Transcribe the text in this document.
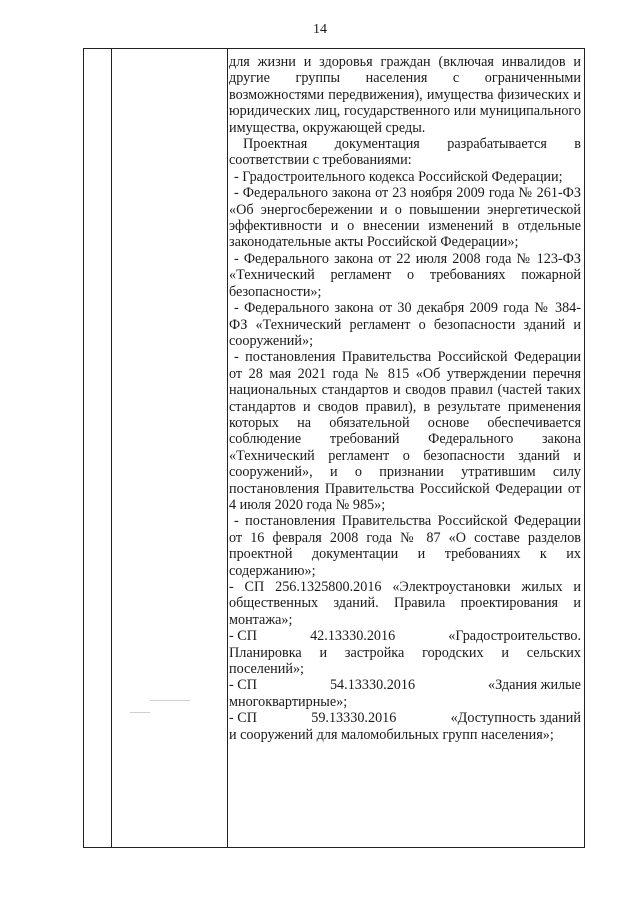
14

для жизни и здоровья граждан (включая инвалидов и другие группы населения с ограниченными возможностями передвижения), имущества физических и юридических лиц, государственного или муниципального имущества, окружающей среды.

Проектная документация разрабатывается в соответствии с требованиями:

- Градостроительного кодекса Российской Федерации;

- Федерального закона от 23 ноября 2009 года № 261-ФЗ «Об энергосбережении и о повышении энергетической эффективности и о внесении изменений в отдельные законодательные акты Российской Федерации»;

- Федерального закона от 22 июля 2008 года № 123-ФЗ «Технический регламент о требованиях пожарной безопасности»;

- Федерального закона от 30 декабря 2009 года № 384-ФЗ «Технический регламент о безопасности зданий и сооружений»;

- постановления Правительства Российской Федерации от 28 мая 2021 года № 815 «Об утверждении перечня национальных стандартов и сводов правил (частей таких стандартов и сводов правил), в результате применения которых на обязательной основе обеспечивается соблюдение требований Федерального закона «Технический регламент о безопасности зданий и сооружений», и о признании утратившим силу постановления Правительства Российской Федерации от 4 июля 2020 года № 985»;

- постановления Правительства Российской Федерации от 16 февраля 2008 года № 87 «О составе разделов проектной документации и требованиях к их содержанию»;

- СП 256.1325800.2016 «Электроустановки жилых и общественных зданий. Правила проектирования и монтажа»;

- СП	42.13330.2016	«Градостроительство.

Планировка и застройка городских и сельских поселений»;

- СП	54.13330.2016	«Здания жилые

многоквартирные»;

- СП	59.13330.2016	«Доступность зданий

и сооружений для маломобильных групп населения»;
